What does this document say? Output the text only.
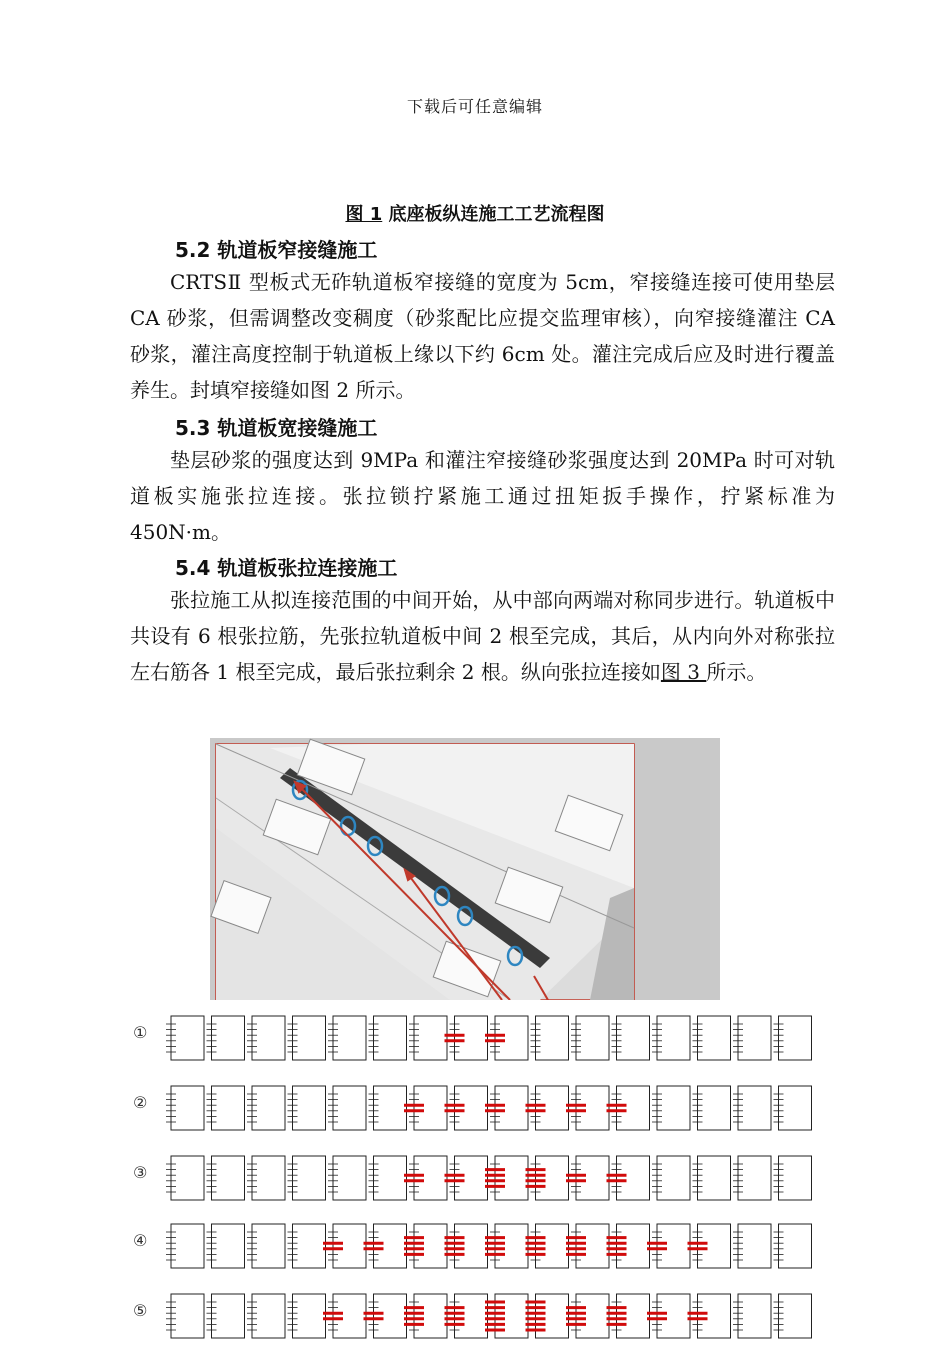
下载后可任意编辑
图 1 底座板纵连施工工艺流程图
5.2 轨道板窄接缝施工

CRTSⅡ 型板式无砟轨道板窄接缝的宽度为 5cm，窄接缝连接可使用垫层 CA 砂浆，但需调整改变稠度（砂浆配比应提交监理审核），向窄接缝灌注 CA 砂浆，灌注高度控制于轨道板上缘以下约 6cm 处。灌注完成后应及时进行覆盖养生。封填窄接缝如图 2 所示。

5.3 轨道板宽接缝施工

垫层砂浆的强度达到 9MPa 和灌注窄接缝砂浆强度达到 20MPa 时可对轨道板实施张拉连接。张拉锁拧紧施工通过扭矩扳手操作，拧紧标准为 450N·m。

5.4 轨道板张拉连接施工

张拉施工从拟连接范围的中间开始，从中部向两端对称同步进行。轨道板中共设有 6 根张拉筋，先张拉轨道板中间 2 根至完成，其后，从内向外对称张拉左右筋各 1 根至完成，最后张拉剩余 2 根。纵向张拉连接如图 3 所示。

①
②
③
④
⑤
